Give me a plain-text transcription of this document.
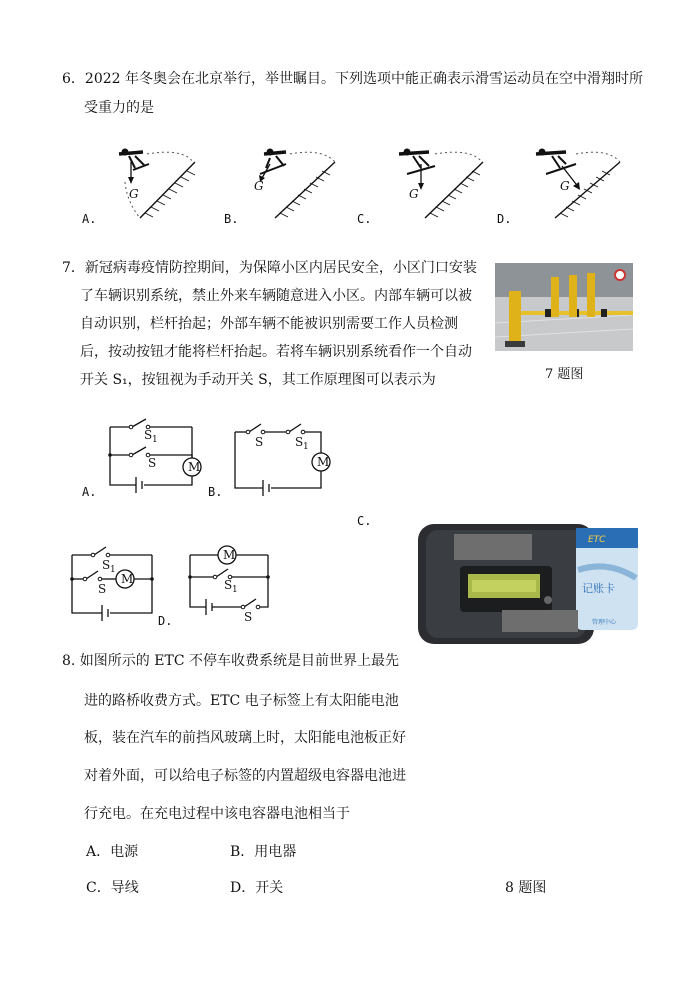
6．2022 年冬奥会在北京举行，举世瞩目。下列选项中能正确表示滑雪运动员在空中滑翔时所
受重力的是
G
A.
G
B.
G
C.
G
D.
7．新冠病毒疫情防控期间，为保障小区内居民安全，小区门口安装
了车辆识别系统，禁止外来车辆随意进入小区。内部车辆可以被
自动识别，栏杆抬起；外部车辆不能被识别需要工作人员检测
后，按动按钮才能将栏杆抬起。若将车辆识别系统看作一个自动
开关 S₁，按钮视为手动开关 S，其工作原理图可以表示为	7 题图
M
S 1
S
A.
M
S	S 1
B.
C.
M
S 1
S
M
S 1
S
D.
ETC
记账卡
管理中心
8. 如图所示的 ETC 不停车收费系统是目前世界上最先
进的路桥收费方式。ETC 电子标签上有太阳能电池
板，装在汽车的前挡风玻璃上时，太阳能电池板正好
对着外面，可以给电子标签的内置超级电容器电池进
行充电。在充电过程中该电容器电池相当于
A．电源	B．用电器
C．导线	D．开关	8 题图
